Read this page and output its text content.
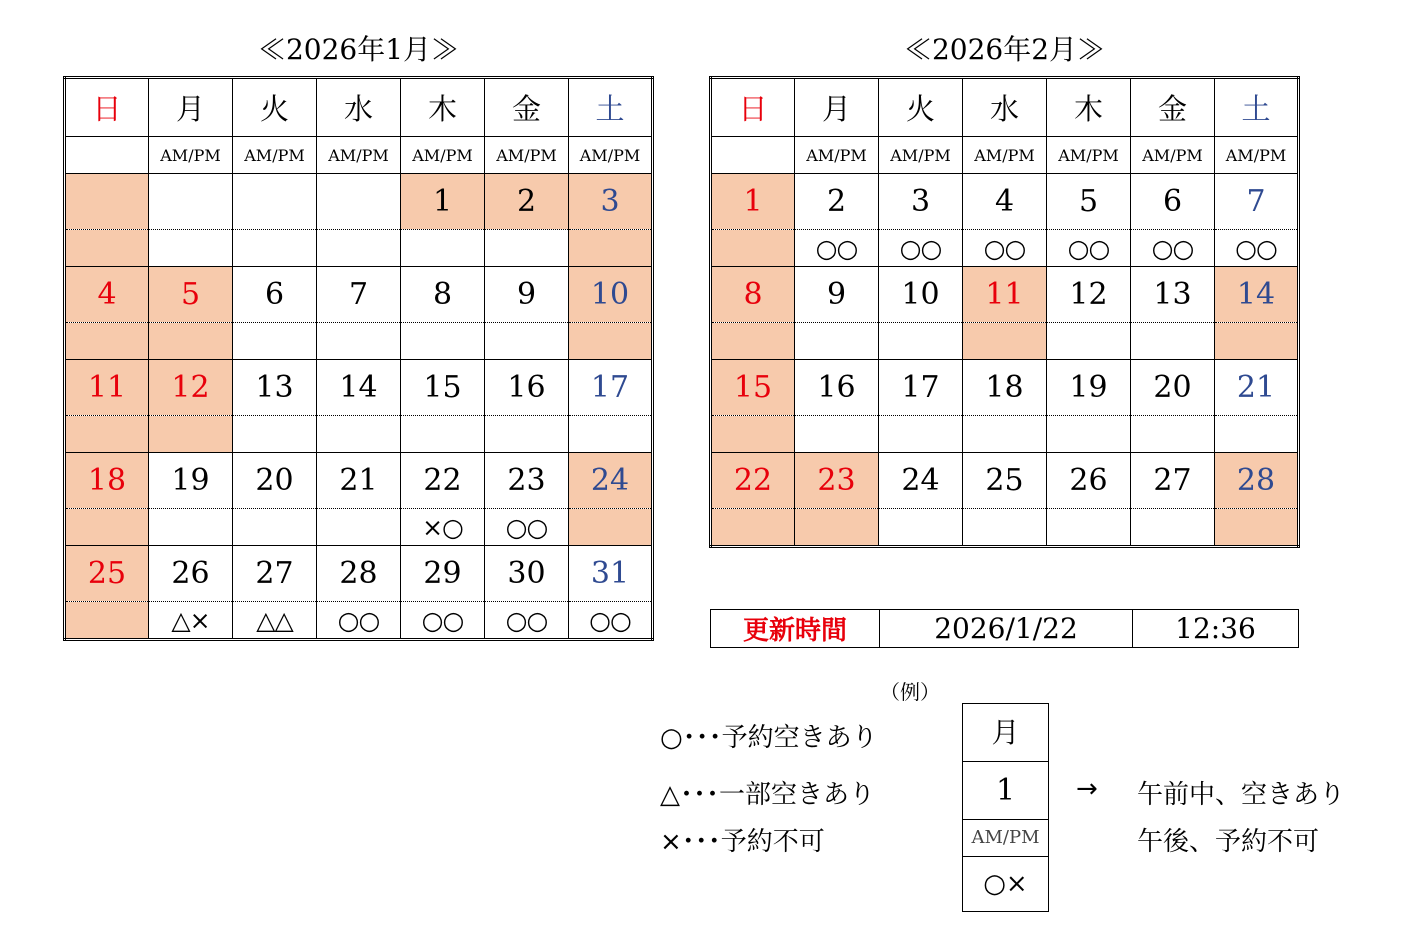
≪2026年1月≫
日	月	火	水	木	金	土
	AM/PM	AM/PM	AM/PM	AM/PM	AM/PM	AM/PM
				1	2	3

4	5	6	7	8	9	10

11	12	13	14	15	16	17

18	19	20	21	22	23	24
				×○	○○	
25	26	27	28	29	30	31
	△×	△△	○○	○○	○○	○○
≪2026年2月≫
日	月	火	水	木	金	土
	AM/PM	AM/PM	AM/PM	AM/PM	AM/PM	AM/PM
1	2	3	4	5	6	7
	○○	○○	○○	○○	○○	○○
8	9	10	11	12	13	14

15	16	17	18	19	20	21

22	23	24	25	26	27	28

更新時間	2026/1/22	12:36
（例）
○･･･予約空きあり
△･･･一部空きあり
×･･･予約不可
月
1
AM/PM
○×
→ 午前中、空きあり
午後、予約不可
